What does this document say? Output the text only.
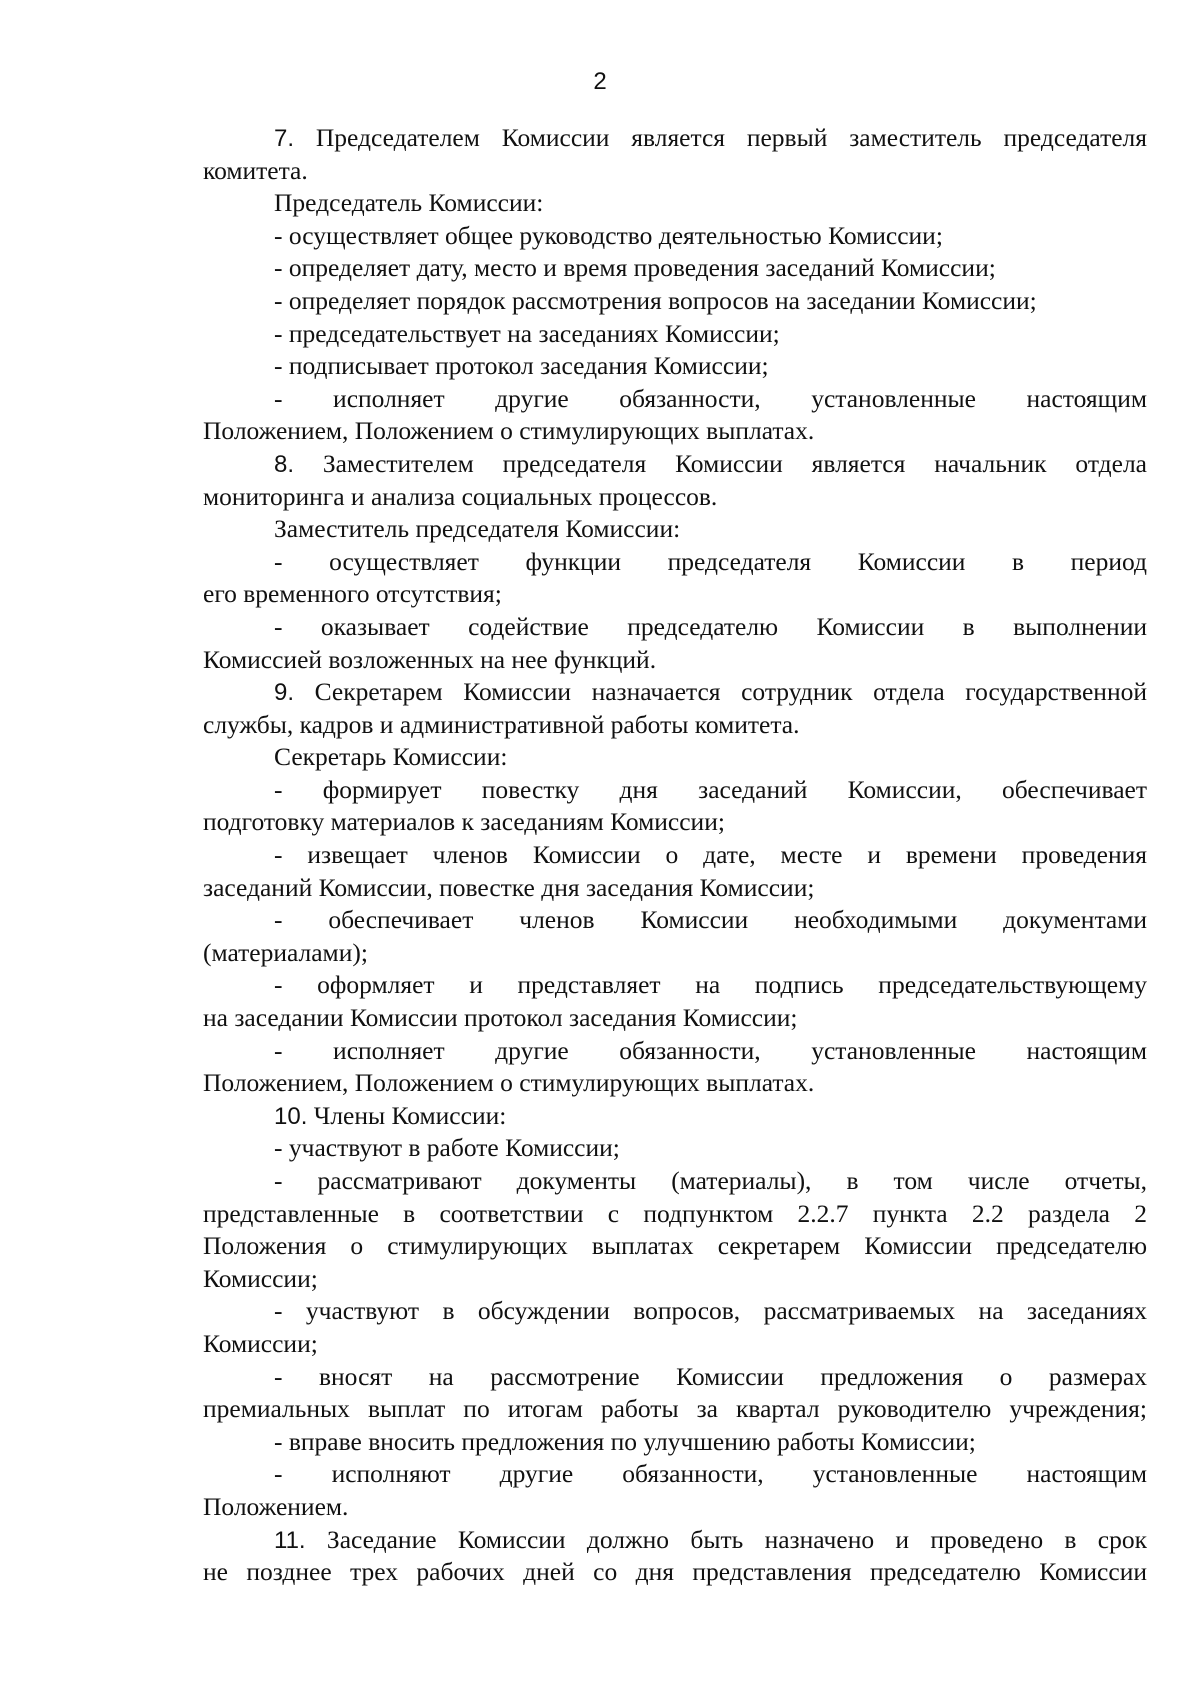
2
7. Председателем Комиссии является первый заместитель председателя
комитета.
Председатель Комиссии:
- осуществляет общее руководство деятельностью Комиссии;
- определяет дату, место и время проведения заседаний Комиссии;
- определяет порядок рассмотрения вопросов на заседании Комиссии;
- председательствует на заседаниях Комиссии;
- подписывает протокол заседания Комиссии;
- исполняет другие обязанности, установленные настоящим
Положением, Положением о стимулирующих выплатах.
8. Заместителем председателя Комиссии является начальник отдела
мониторинга и анализа социальных процессов.
Заместитель председателя Комиссии:
- осуществляет функции председателя Комиссии в период
его временного отсутствия;
- оказывает содействие председателю Комиссии в выполнении
Комиссией возложенных на нее функций.
9. Секретарем Комиссии назначается сотрудник отдела государственной
службы, кадров и административной работы комитета.
Секретарь Комиссии:
- формирует повестку дня заседаний Комиссии, обеспечивает
подготовку материалов к заседаниям Комиссии;
- извещает членов Комиссии о дате, месте и времени проведения
заседаний Комиссии, повестке дня заседания Комиссии;
- обеспечивает членов Комиссии необходимыми документами
(материалами);
- оформляет и представляет на подпись председательствующему
на заседании Комиссии протокол заседания Комиссии;
- исполняет другие обязанности, установленные настоящим
Положением, Положением о стимулирующих выплатах.
10. Члены Комиссии:
- участвуют в работе Комиссии;
- рассматривают документы (материалы), в том числе отчеты,
представленные в соответствии с подпунктом 2.2.7 пункта 2.2 раздела 2
Положения о стимулирующих выплатах секретарем Комиссии председателю
Комиссии;
- участвуют в обсуждении вопросов, рассматриваемых на заседаниях
Комиссии;
- вносят на рассмотрение Комиссии предложения о размерах
премиальных выплат по итогам работы за квартал руководителю учреждения;
- вправе вносить предложения по улучшению работы Комиссии;
- исполняют другие обязанности, установленные настоящим
Положением.
11. Заседание Комиссии должно быть назначено и проведено в срок
не позднее трех рабочих дней со дня представления председателю Комиссии
